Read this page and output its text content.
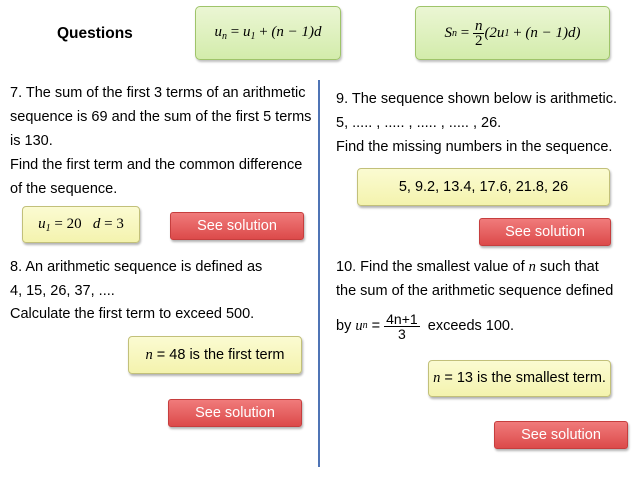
Questions	$u_n = u_1 + (n - 1)d$	S $n = \frac{n}{2} (2u$ 1 + (n − 1)d)
7. The sum of the first 3 terms of an arithmetic
sequence is 69 and the sum of the first 5 terms
is 130.
Find the first term and the common difference
of the sequence.
$u_1 = 20$ d = 3	See solution
8. An arithmetic sequence is defined as
4, 15, 26, 37, ....
Calculate the first term to exceed 500.
n = 48 is the first term
See solution
9. The sequence shown below is arithmetic.
5, ..... , ..... , ..... , ..... , 26.
Find the missing numbers in the sequence.
5, 9.2, 13.4, 17.6, 21.8, 26
See solution
10. Find the smallest value of n such that
the sum of the arithmetic sequence defined
by
u $n = \frac{4n+1}{3}$
exceeds 100.
n = 13 is the smallest term.
See solution
